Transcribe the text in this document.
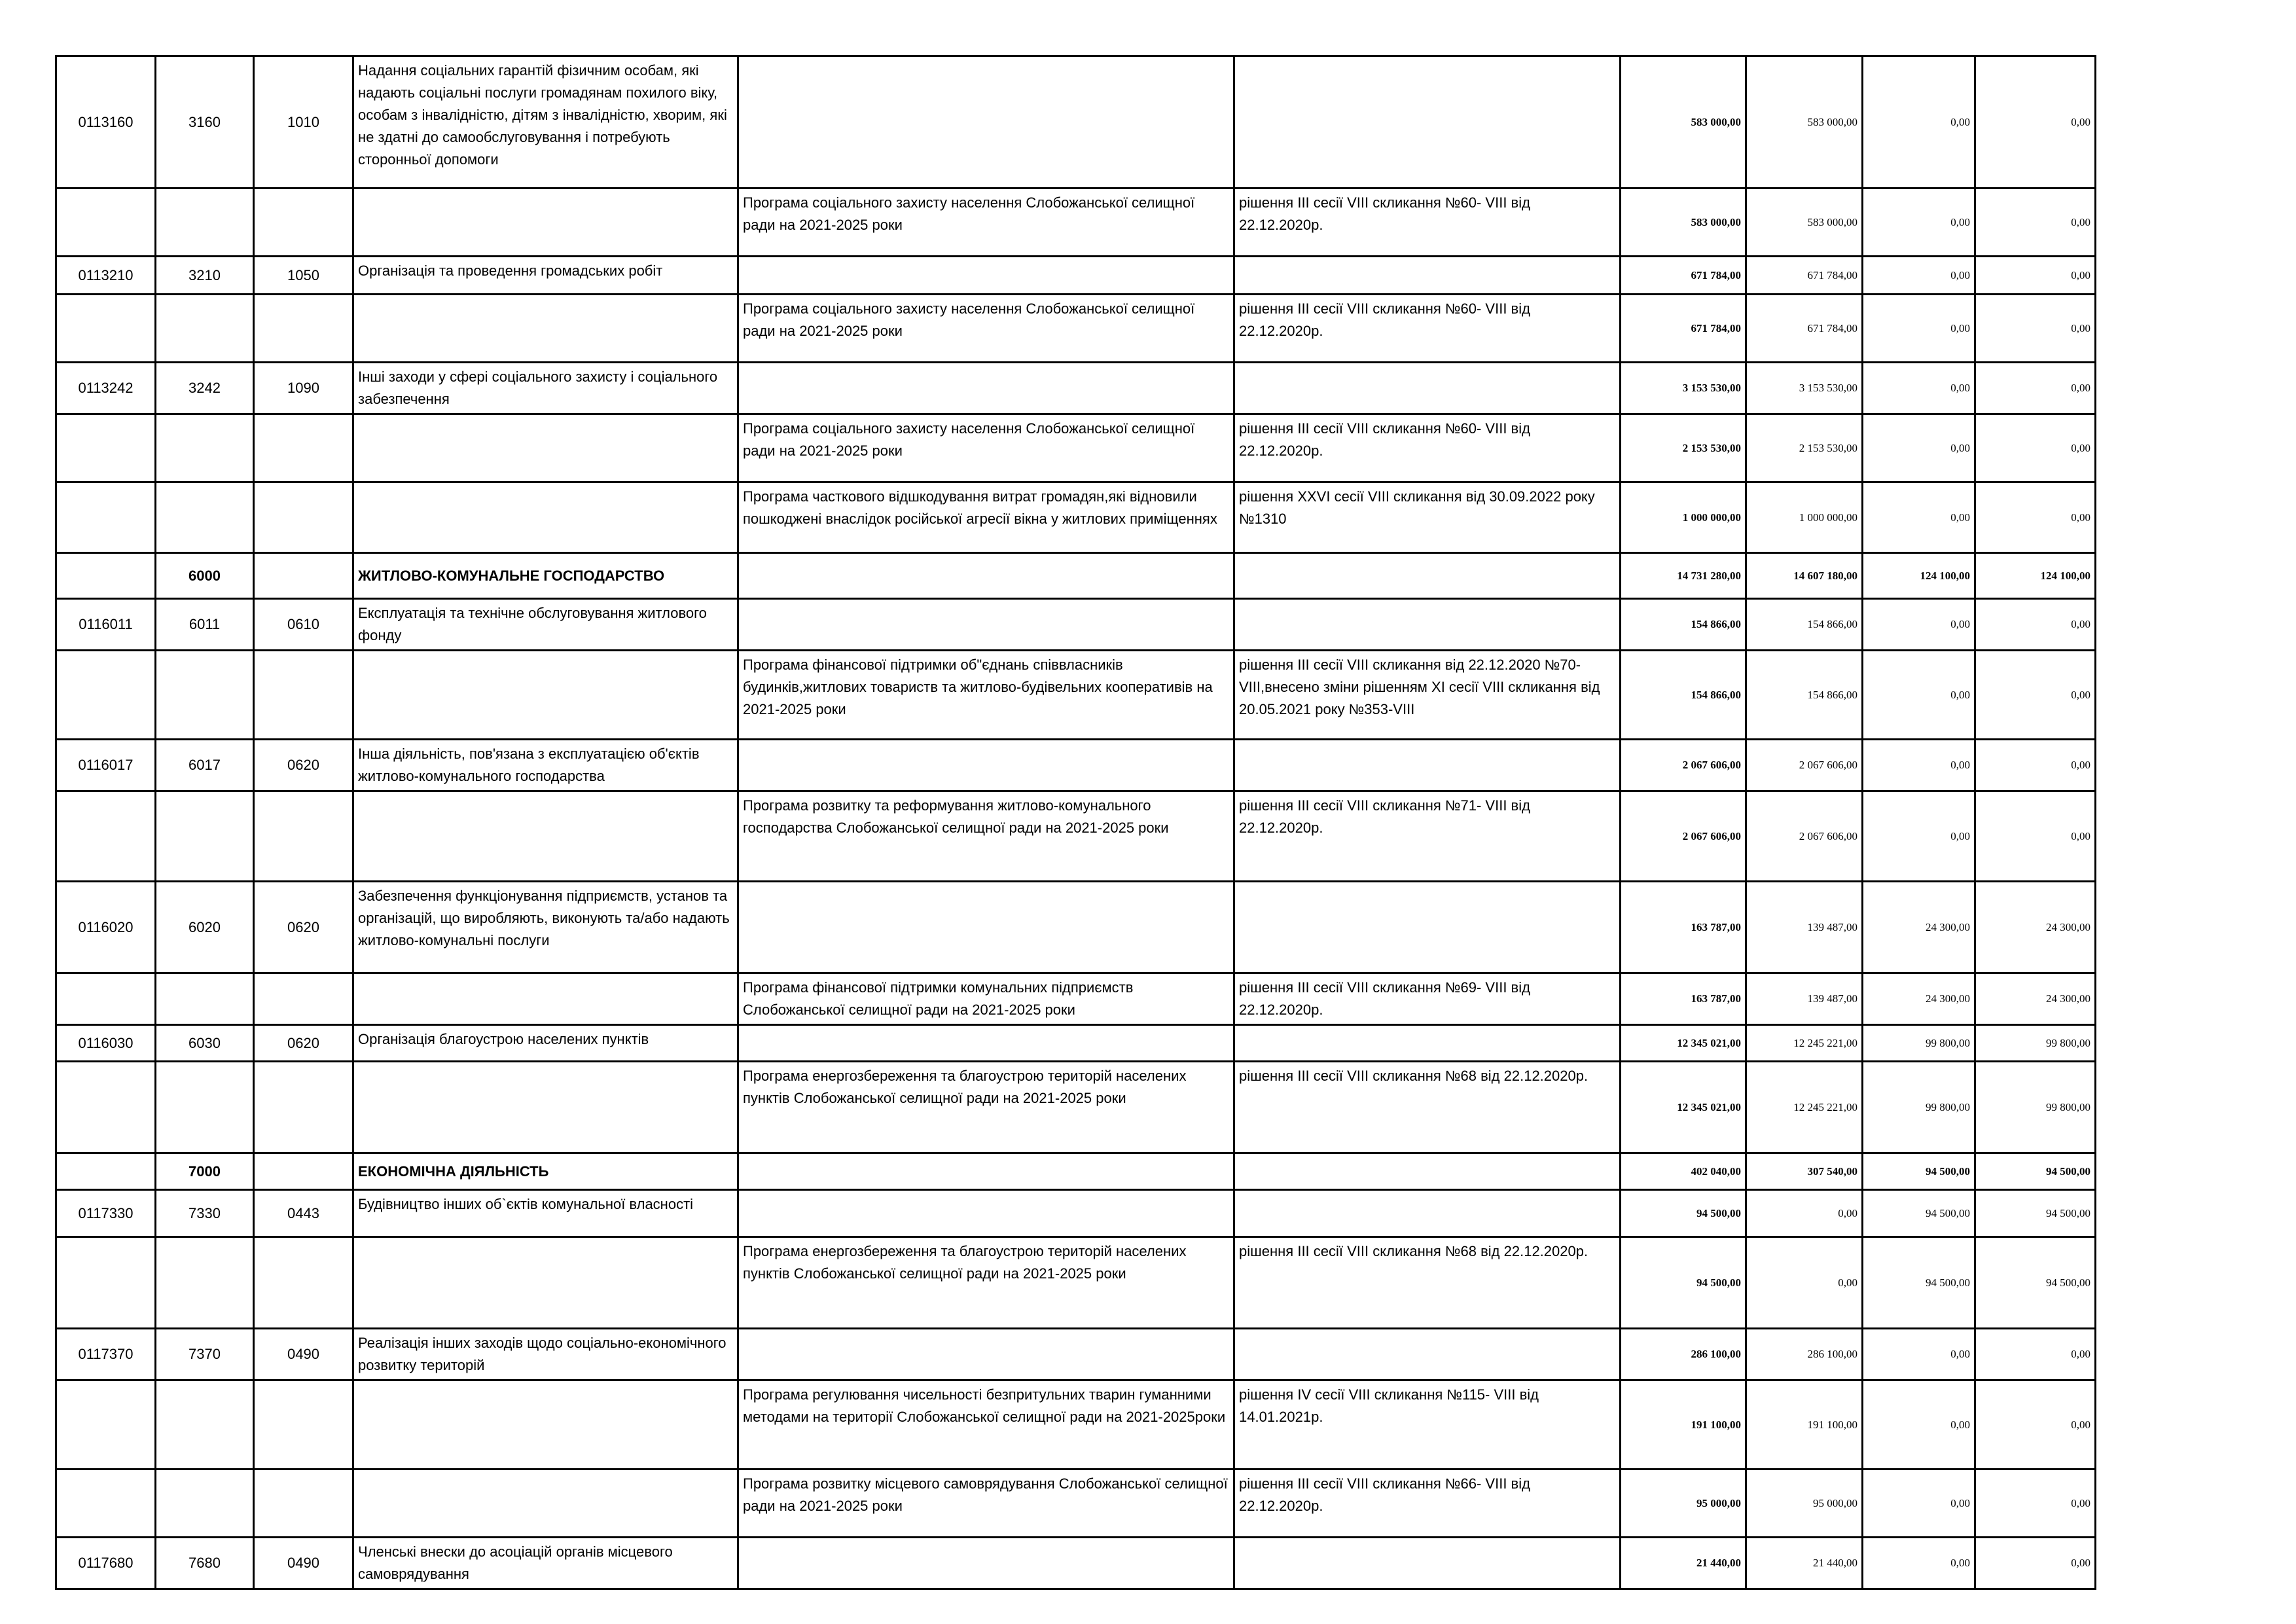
0113160	3160	1010	Надання соціальних гарантій фізичним особам, які надають соціальні послуги громадянам похилого віку, особам з інвалідністю, дітям з інвалідністю, хворим, які не здатні до самообслуговування і потребують сторонньої допомоги			583 000,00	583 000,00	0,00	0,00
				Програма соціального захисту населення Слобожанської селищної ради на 2021-2025 роки	рішення ІІІ сесії VІІІ скликання №60- VІІІ від 22.12.2020р.	583 000,00	583 000,00	0,00	0,00
0113210	3210	1050	Організація та проведення громадських робіт			671 784,00	671 784,00	0,00	0,00
				Програма соціального захисту населення Слобожанської селищної ради на 2021-2025 роки	рішення ІІІ сесії VІІІ скликання №60- VІІІ від 22.12.2020р.	671 784,00	671 784,00	0,00	0,00
0113242	3242	1090	Інші заходи у сфері соціального захисту і соціального забезпечення			3 153 530,00	3 153 530,00	0,00	0,00
				Програма соціального захисту населення Слобожанської селищної ради на 2021-2025 роки	рішення ІІІ сесії VІІІ скликання №60- VІІІ від 22.12.2020р.	2 153 530,00	2 153 530,00	0,00	0,00
				Програма часткового відшкодування витрат громадян,які відновили пошкоджені внаслідок російської агресії вікна у житлових приміщеннях	рішення ХХVІ сесії VІІІ скликання від 30.09.2022 року №1310	1 000 000,00	1 000 000,00	0,00	0,00
	6000		ЖИТЛОВО-КОМУНАЛЬНЕ ГОСПОДАРСТВО			14 731 280,00	14 607 180,00	124 100,00	124 100,00
0116011	6011	0610	Експлуатація та технічне обслуговування житлового фонду			154 866,00	154 866,00	0,00	0,00
				Програма фінансової підтримки об"єднань співвласників будинків,житлових товариств та житлово-будівельних кооперативів на 2021-2025 роки	рішення ІІІ сесії VІІІ скликання від 22.12.2020 №70-VІІІ,внесено зміни рішенням ХІ сесії VІІІ скликання від 20.05.2021 року №353-VІІІ	154 866,00	154 866,00	0,00	0,00
0116017	6017	0620	Інша діяльність, пов'язана з експлуатацією об'єктів житлово-комунального господарства			2 067 606,00	2 067 606,00	0,00	0,00
				Програма розвитку та реформування житлово-комунального господарства Слобожанської селищної ради на 2021-2025 роки	рішення ІІІ сесії VІІІ скликання №71- VІІІ від 22.12.2020р.	2 067 606,00	2 067 606,00	0,00	0,00
0116020	6020	0620	Забезпечення функціонування підприємств, установ та організацій, що виробляють, виконують та/або надають житлово-комунальні послуги			163 787,00	139 487,00	24 300,00	24 300,00
				Програма фінансової підтримки комунальних підприємств Слобожанської селищної ради на 2021-2025 роки	рішення ІІІ сесії VІІІ скликання №69- VІІІ від 22.12.2020р.	163 787,00	139 487,00	24 300,00	24 300,00
0116030	6030	0620	Організація благоустрою населених пунктів			12 345 021,00	12 245 221,00	99 800,00	99 800,00
				Програма енергозбереження та благоустрою територій населених пунктів Слобожанської селищної ради на 2021-2025 роки	рішення ІІІ сесії VІІІ скликання №68 від 22.12.2020р.	12 345 021,00	12 245 221,00	99 800,00	99 800,00
	7000		ЕКОНОМІЧНА ДІЯЛЬНІСТЬ			402 040,00	307 540,00	94 500,00	94 500,00
0117330	7330	0443	Будівництво інших об`єктів комунальної власності			94 500,00	0,00	94 500,00	94 500,00
				Програма енергозбереження та благоустрою територій населених пунктів Слобожанської селищної ради на 2021-2025 роки	рішення ІІІ сесії VІІІ скликання №68 від 22.12.2020р.	94 500,00	0,00	94 500,00	94 500,00
0117370	7370	0490	Реалізація інших заходів щодо соціально-економічного розвитку територій			286 100,00	286 100,00	0,00	0,00
				Програма регулювання чисельності безпритульних тварин гуманними методами на території Слобожанської селищної ради на 2021-2025роки	рішення ІV сесії VІІІ скликання №115- VІІІ від 14.01.2021р.	191 100,00	191 100,00	0,00	0,00
				Програма розвитку місцевого самоврядування Слобожанської селищної ради на 2021-2025 роки	рішення ІІІ сесії VІІІ скликання №66- VІІІ від 22.12.2020р.	95 000,00	95 000,00	0,00	0,00
0117680	7680	0490	Членські внески до асоціацій органів місцевого самоврядування			21 440,00	21 440,00	0,00	0,00
